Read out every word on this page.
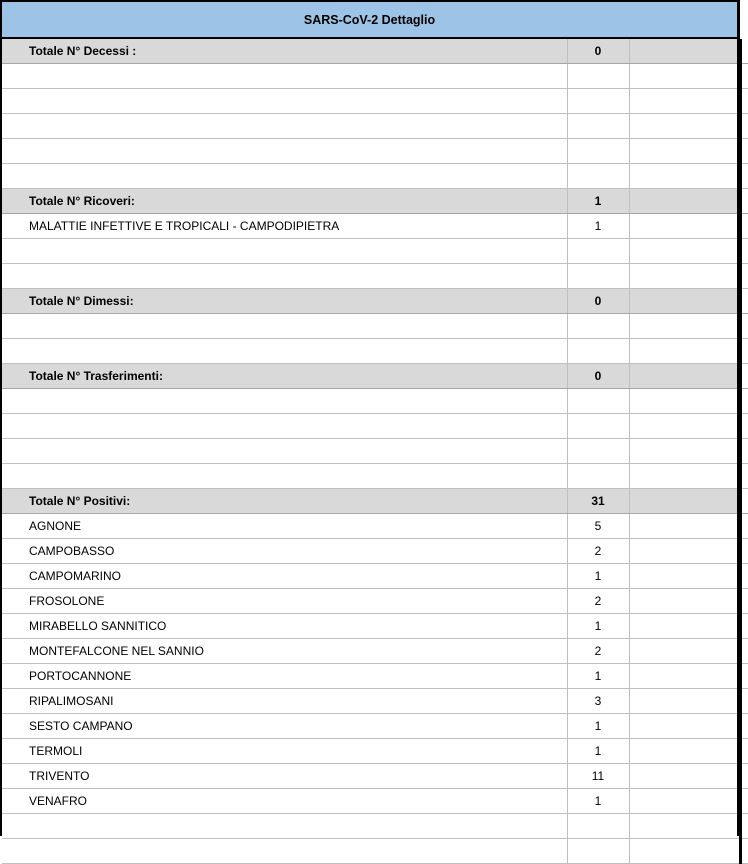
SARS-CoV-2 Dettaglio
Totale N° Decessi :	0		

Totale N° Ricoveri:	1		
MALATTIE INFETTIVE E TROPICALI - CAMPODIPIETRA	1		

Totale N° Dimessi:	0		

Totale N° Trasferimenti:	0		

Totale N° Positivi:	31		
AGNONE	5		
CAMPOBASSO	2		
CAMPOMARINO	1		
FROSOLONE	2		
MIRABELLO SANNITICO	1		
MONTEFALCONE NEL SANNIO	2		
PORTOCANNONE	1		
RIPALIMOSANI	3		
SESTO CAMPANO	1		
TERMOLI	1		
TRIVENTO	11		
VENAFRO	1		
